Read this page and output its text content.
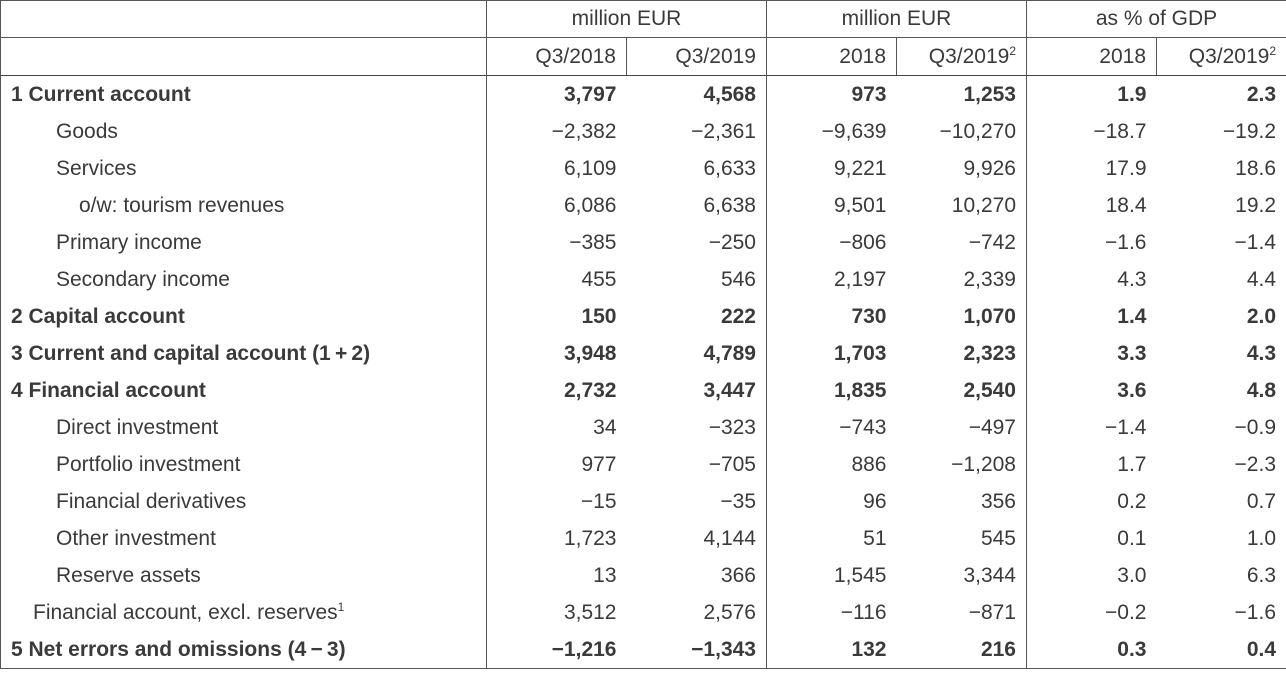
	million EUR		million EUR		as % of GDP	
	Q3/2018	Q3/2019	2018	Q3/2019$^2$	2018	Q3/2019$^2$
1 Current account	3,797	4,568	973	1,253	1.9	2.3
Goods	−2,382	−2,361	−9,639	−10,270	−18.7	−19.2
Services	6,109	6,633	9,221	9,926	17.9	18.6
o/w: tourism revenues	6,086	6,638	9,501	10,270	18.4	19.2
Primary income	−385	−250	−806	−742	−1.6	−1.4
Secondary income	455	546	2,197	2,339	4.3	4.4
2 Capital account	150	222	730	1,070	1.4	2.0
3 Current and capital account (1 + 2)	3,948	4,789	1,703	2,323	3.3	4.3
4 Financial account	2,732	3,447	1,835	2,540	3.6	4.8
Direct investment	34	−323	−743	−497	−1.4	−0.9
Portfolio investment	977	−705	886	−1,208	1.7	−2.3
Financial derivatives	−15	−35	96	356	0.2	0.7
Other investment	1,723	4,144	51	545	0.1	1.0
Reserve assets	13	366	1,545	3,344	3.0	6.3
Financial account, excl. reserves$^1$	3,512	2,576	−116	−871	−0.2	−1.6
5 Net errors and omissions (4 − 3)	−1,216	−1,343	132	216	0.3	0.4
